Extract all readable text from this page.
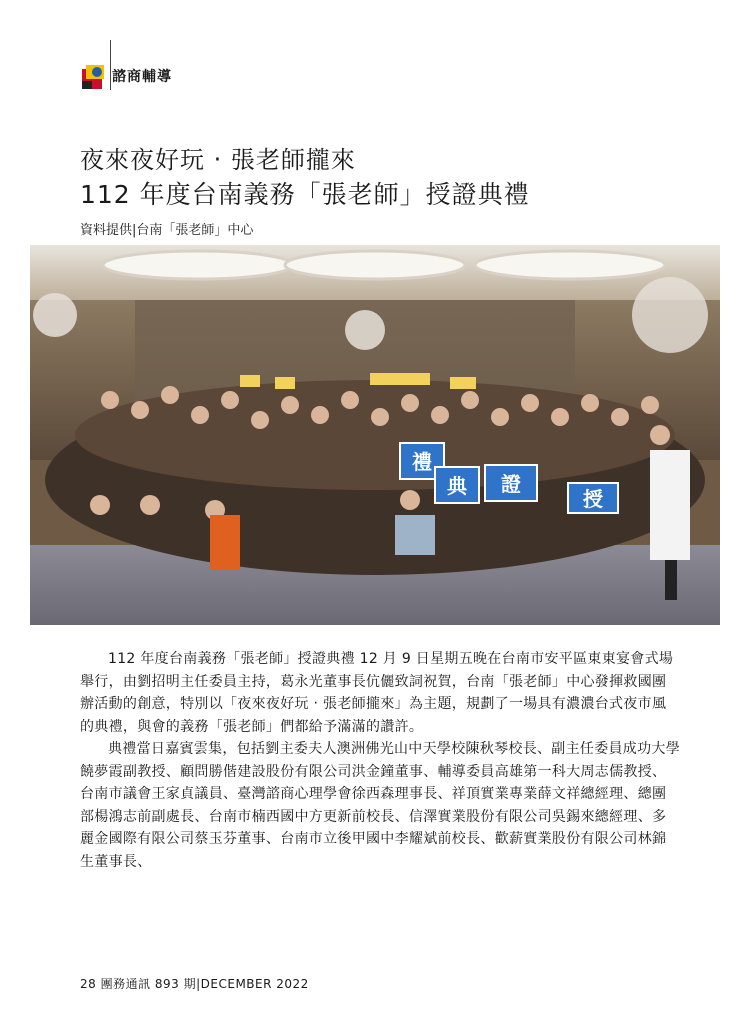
諮商輔導
夜來夜好玩 ‧ 張老師攏來
112 年度台南義務「張老師」授證典禮
資料提供|台南「張老師」中心
禮
典 證
授

112 年度台南義務「張老師」授證典禮 12 月 9 日星期五晚在台南市安平區東東宴會式場舉行，由劉招明主任委員主持，葛永光董事長伉儷致詞祝賀，台南「張老師」中心發揮救國團辦活動的創意，特別以「夜來夜好玩 ‧ 張老師攏來」為主題，規劃了一場具有濃濃台式夜市風的典禮，與會的義務「張老師」們都給予滿滿的讚許。

典禮當日嘉賓雲集，包括劉主委夫人澳洲佛光山中天學校陳秋琴校長、副主任委員成功大學饒夢霞副教授、顧問勝偕建設股份有限公司洪金鐘董事、輔導委員高雄第一科大周志儒教授、台南市議會王家貞議員、臺灣諮商心理學會徐西森理事長、祥頂實業專業薛文祥總經理、總團部楊鴻志前副處長、台南市楠西國中方更新前校長、信澤實業股份有限公司吳錫來總經理、多麗金國際有限公司蔡玉芬董事、台南市立後甲國中李耀斌前校長、歡薪實業股份有限公司林錦生董事長、

28 團務通訊 893 期|DECEMBER 2022
